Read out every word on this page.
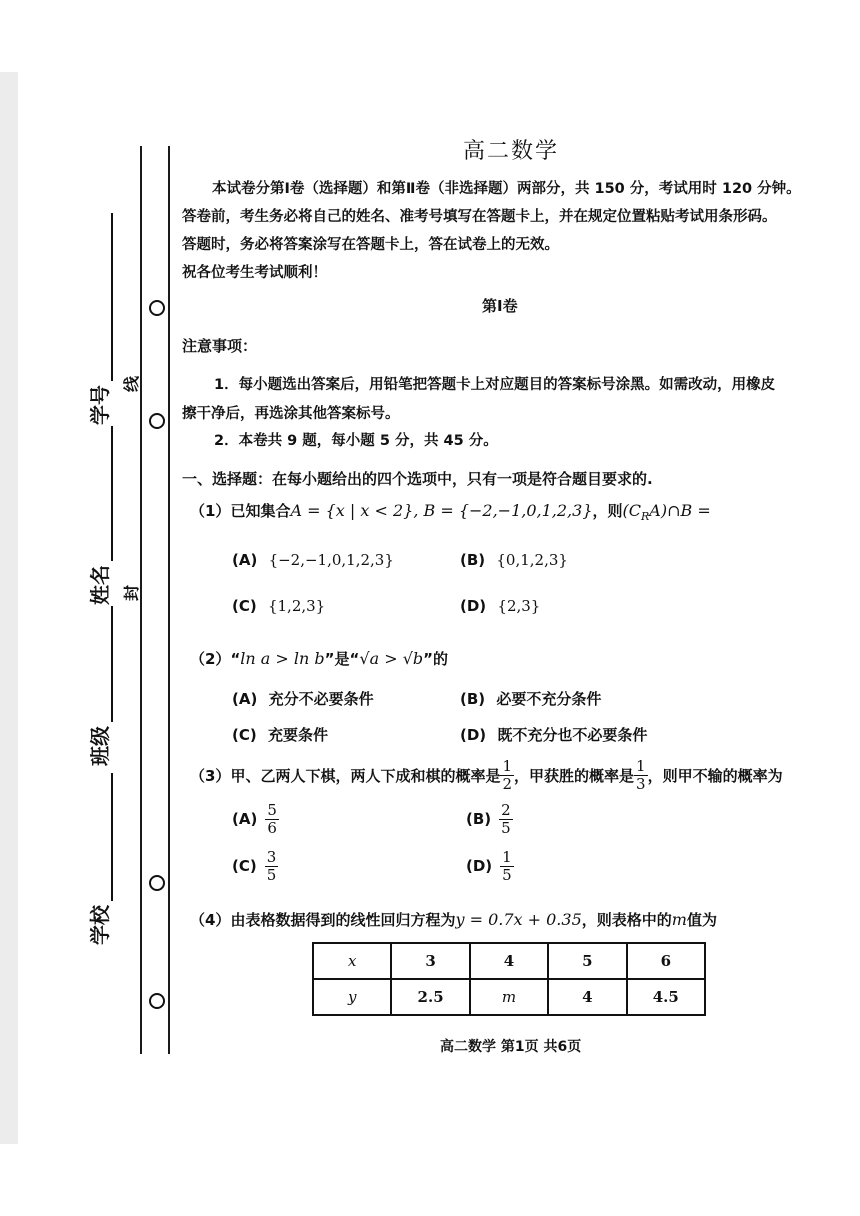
学号
姓名
班级
学校
线
封
高二数学
本试卷分第Ⅰ卷（选择题）和第Ⅱ卷（非选择题）两部分，共 150 分，考试用时 120 分钟。
答卷前，考生务必将自己的姓名、准考号填写在答题卡上，并在规定位置粘贴考试用条形码。
答题时，务必将答案涂写在答题卡上，答在试卷上的无效。
祝各位考生考试顺利！
第Ⅰ卷
注意事项：
1．每小题选出答案后，用铅笔把答题卡上对应题目的答案标号涂黑。如需改动，用橡皮
擦干净后，再选涂其他答案标号。
2．本卷共 9 题，每小题 5 分，共 45 分。
一、选择题：在每小题给出的四个选项中，只有一项是符合题目要求的.
（1）已知集合A = {x | x < 2}, B = {−2,−1,0,1,2,3}，则$(C_RA)\cap B$ =
(A) {−2,−1,0,1,2,3}	(B) {0,1,2,3}
(C) {1,2,3}	(D) {2,3}
（2）“ln a > ln b”是“√a > √b”的
(A) 充分不必要条件	(B) 必要不充分条件
(C) 充要条件	(D) 既不充分也不必要条件
（3） 甲、乙两人下棋，两人下成和棋的概率是 $\frac{1}{2}$ ，甲获胜的概率是 $\frac{1}{3}$ ，则甲不输的概率为
$(A) \frac{5}{6}$	$(B) \frac{2}{5}$
$(C) \frac{3}{5}$	$(D) \frac{1}{5}$
（4）由表格数据得到的线性回归方程为y = 0.7x + 0.35，则表格中的m值为
x	3	4	5	6
y	2.5	m	4	4.5
高二数学 第1页 共6页
